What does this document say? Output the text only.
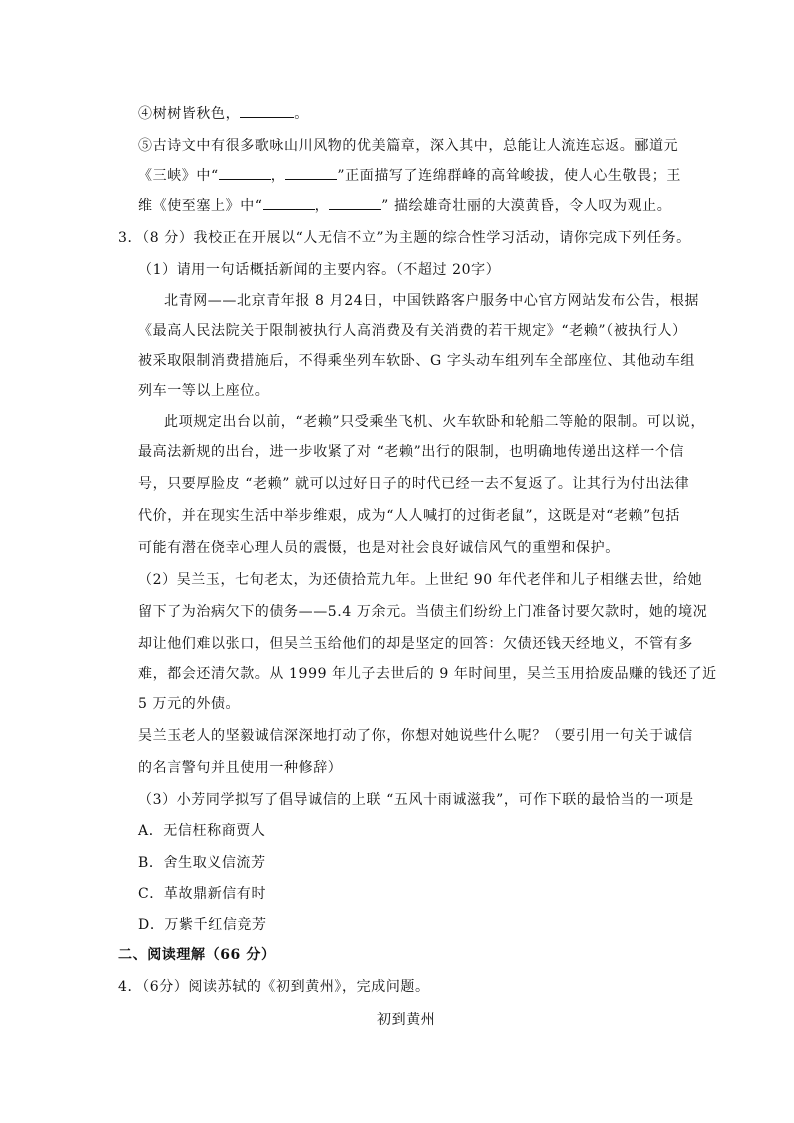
④树树皆秋色，	。
⑤古诗文中有很多歌咏山川风物的优美篇章，深入其中，总能让人流连忘返。郦道元
《三峡》中“	，	”正面描写了连绵群峰的高耸峻拔，使人心生敬畏；王
维《使至塞上》中“	，	” 描绘雄奇壮丽的大漠黄昏，令人叹为观止。
3．（8 分）我校正在开展以“人无信不立”为主题的综合性学习活动，请你完成下列任务。
（1）请用一句话概括新闻的主要内容。（不超过 20字）
北青网——北京青年报 8 月24日，中国铁路客户服务中心官方网站发布公告，根据
《最高人民法院关于限制被执行人高消费及有关消费的若干规定》“老赖”（被执行人）
被采取限制消费措施后，不得乘坐列车软卧、G 字头动车组列车全部座位、其他动车组
列车一等以上座位。
此项规定出台以前，“老赖”只受乘坐飞机、火车软卧和轮船二等舱的限制。可以说，
最高法新规的出台，进一步收紧了对 “老赖”出行的限制，也明确地传递出这样一个信
号，只要厚脸皮 “老赖” 就可以过好日子的时代已经一去不复返了。让其行为付出法律
代价，并在现实生活中举步维艰，成为“人人喊打的过街老鼠”，这既是对“老赖”包括
可能有潜在侥幸心理人员的震慑，也是对社会良好诚信风气的重塑和保护。
（2）吴兰玉，七旬老太，为还债拾荒九年。上世纪 90 年代老伴和儿子相继去世，给她
留下了为治病欠下的债务——5.4 万余元。当债主们纷纷上门准备讨要欠款时，她的境况
却让他们难以张口，但吴兰玉给他们的却是坚定的回答：欠债还钱天经地义，不管有多
难，都会还清欠款。从 1999 年儿子去世后的 9 年时间里，吴兰玉用拾废品赚的钱还了近
5 万元的外债。
吴兰玉老人的坚毅诚信深深地打动了你，你想对她说些什么呢？（要引用一句关于诚信
的名言警句并且使用一种修辞）
（3）小芳同学拟写了倡导诚信的上联 “五风十雨诚滋我”，可作下联的最恰当的一项是
A．无信枉称商贾人
B．舍生取义信流芳
C．革故鼎新信有时
D．万紫千红信竞芳
二、阅读理解（66 分）
4．（6分）阅读苏轼的《初到黄州》，完成问题。
初到黄州
